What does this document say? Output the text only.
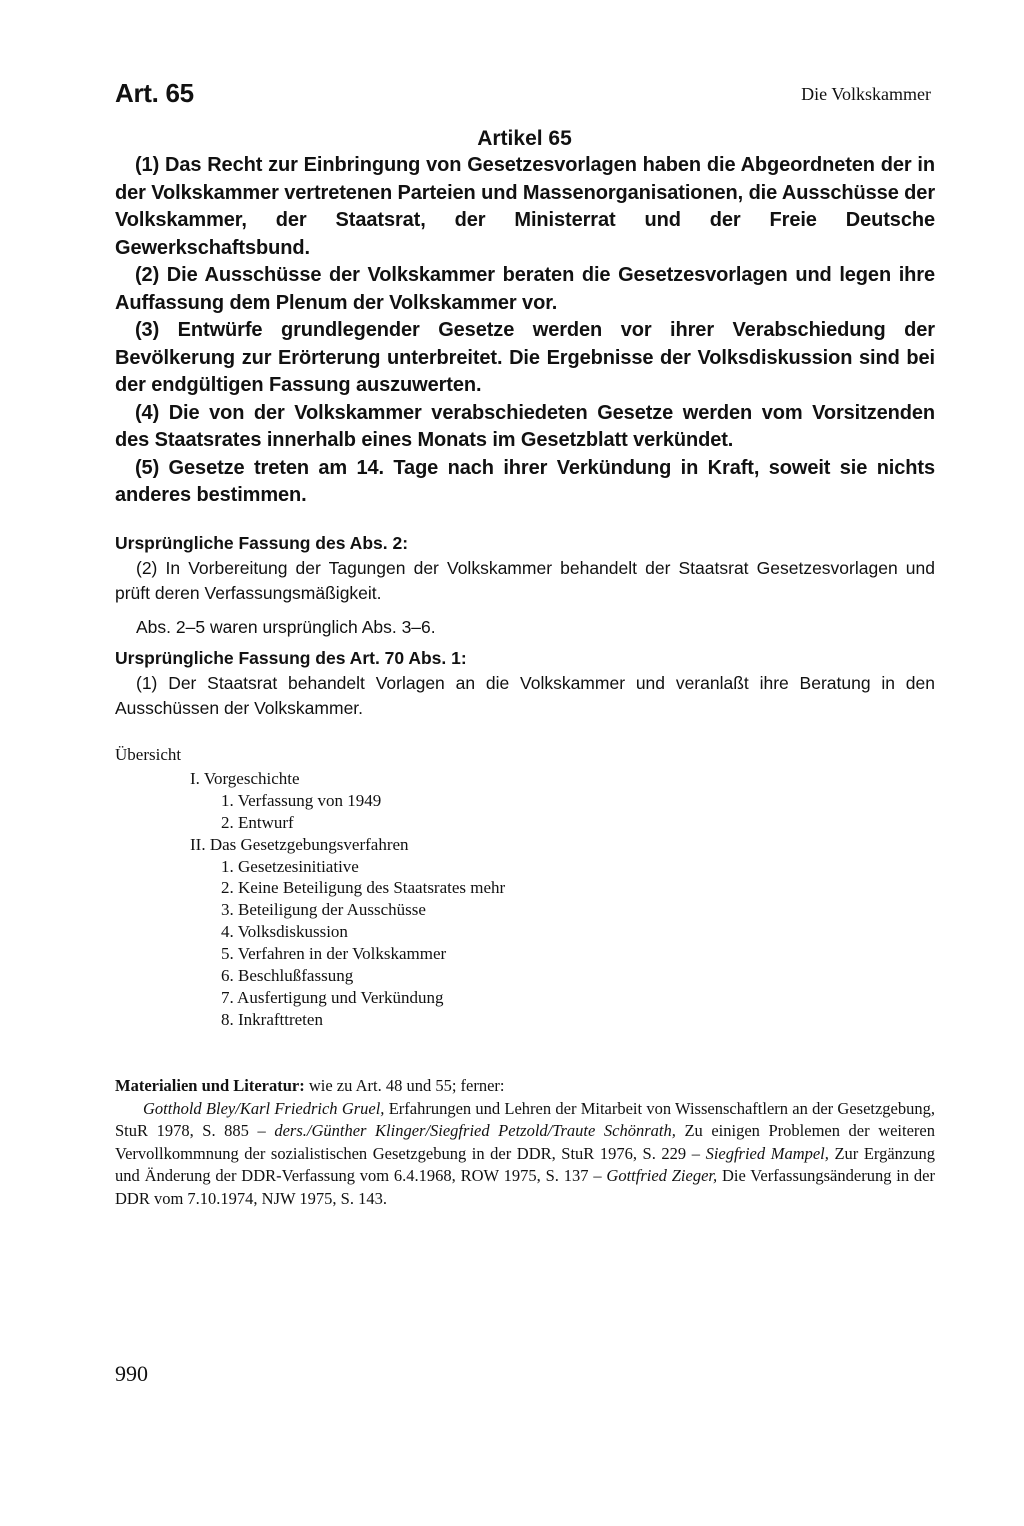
Art. 65	Die Volkskammer
Artikel 65

(1) Das Recht zur Einbringung von Gesetzesvorlagen haben die Abgeordneten der in der Volkskammer vertretenen Parteien und Massenorganisationen, die Ausschüsse der Volkskammer, der Staatsrat, der Ministerrat und der Freie Deutsche Gewerkschaftsbund.

(2) Die Ausschüsse der Volkskammer beraten die Gesetzesvorlagen und legen ihre Auffassung dem Plenum der Volkskammer vor.

(3) Entwürfe grundlegender Gesetze werden vor ihrer Verabschiedung der Bevölkerung zur Erörterung unterbreitet. Die Ergebnisse der Volksdiskussion sind bei der endgültigen Fassung auszuwerten.

(4) Die von der Volkskammer verabschiedeten Gesetze werden vom Vorsitzenden des Staatsrates innerhalb eines Monats im Gesetzblatt verkündet.

(5) Gesetze treten am 14. Tage nach ihrer Verkündung in Kraft, soweit sie nichts anderes bestimmen.

Ursprüngliche Fassung des Abs. 2:

(2) In Vorbereitung der Tagungen der Volkskammer behandelt der Staatsrat Gesetzesvorlagen und prüft deren Verfassungsmäßigkeit.

Abs. 2–5 waren ursprünglich Abs. 3–6.

Ursprüngliche Fassung des Art. 70 Abs. 1:

(1) Der Staatsrat behandelt Vorlagen an die Volkskammer und veranlaßt ihre Beratung in den Ausschüssen der Volkskammer.

Übersicht
I. Vorgeschichte
1. Verfassung von 1949
2. Entwurf
II. Das Gesetzgebungsverfahren
1. Gesetzesinitiative
2. Keine Beteiligung des Staatsrates mehr
3. Beteiligung der Ausschüsse
4. Volksdiskussion
5. Verfahren in der Volkskammer
6. Beschlußfassung
7. Ausfertigung und Verkündung
8. Inkrafttreten

Materialien und Literatur: wie zu Art. 48 und 55; ferner:

Gotthold Bley/Karl Friedrich Gruel, Erfahrungen und Lehren der Mitarbeit von Wissenschaftlern an der Gesetzgebung, StuR 1978, S. 885 – ders./Günther Klinger/Siegfried Petzold/Traute Schönrath, Zu einigen Problemen der weiteren Vervollkommnung der sozialistischen Gesetzgebung in der DDR, StuR 1976, S. 229 – Siegfried Mampel, Zur Ergänzung und Änderung der DDR-Verfassung vom 6.4.1968, ROW 1975, S. 137 – Gottfried Zieger, Die Verfassungsänderung in der DDR vom 7.10.1974, NJW 1975, S. 143.

990
